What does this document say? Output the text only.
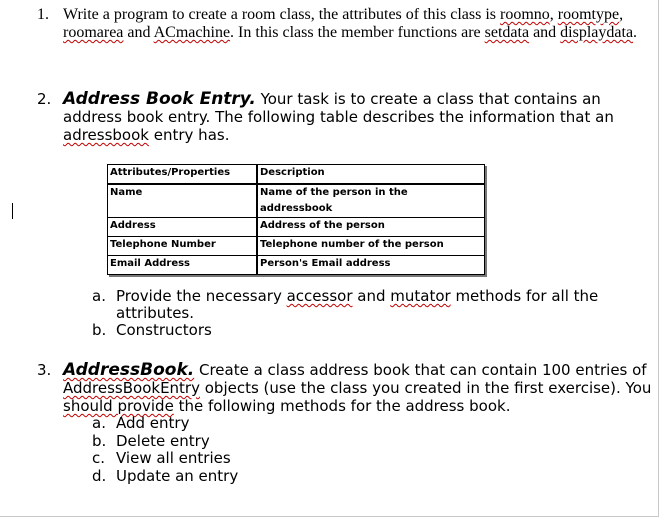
1. Write a program to create a room class, the attributes of this class is roomno, roomtype, roomarea and ACmachine. In this class the member functions are setdata and displaydata.
2. Address Book Entry. Your task is to create a class that contains an address book entry. The following table describes the information that an adressbook entry has.
Attributes/Properties	Description
Name	Name of the person in the addressbook
Address	Address of the person
Telephone Number	Telephone number of the person
Email Address	Person's Email address
a. Provide the necessary accessor and mutator methods for all the attributes.
b. Constructors
3. AddressBook. Create a class address book that can contain 100 entries of AddressBookEntry objects (use the class you created in the first exercise). You should provide the following methods for the address book.
a. Add entry
b. Delete entry
c. View all entries
d. Update an entry
